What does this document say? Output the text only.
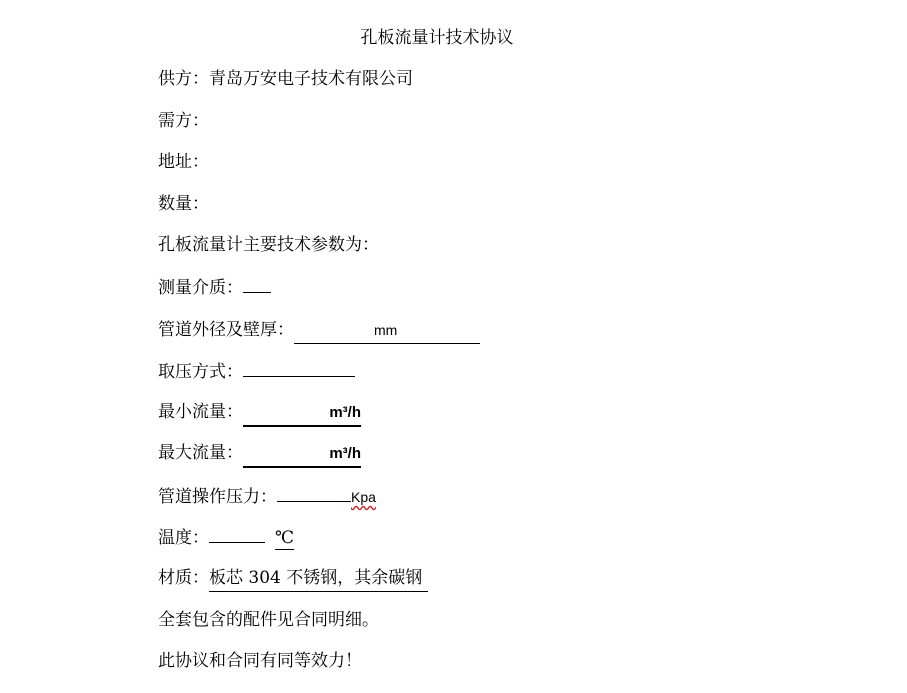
孔板流量计技术协议
供方：青岛万安电子技术有限公司
需方：
地址：
数量：
孔板流量计主要技术参数为：
测量介质：
管道外径及壁厚：	mm
取压方式：
最小流量：	m³/h
最大流量：	m³/h
管道操作压力：	Kpa
温度：	℃
材质：板芯 304 不锈钢，其余碳钢
全套包含的配件见合同明细。
此协议和合同有同等效力！
